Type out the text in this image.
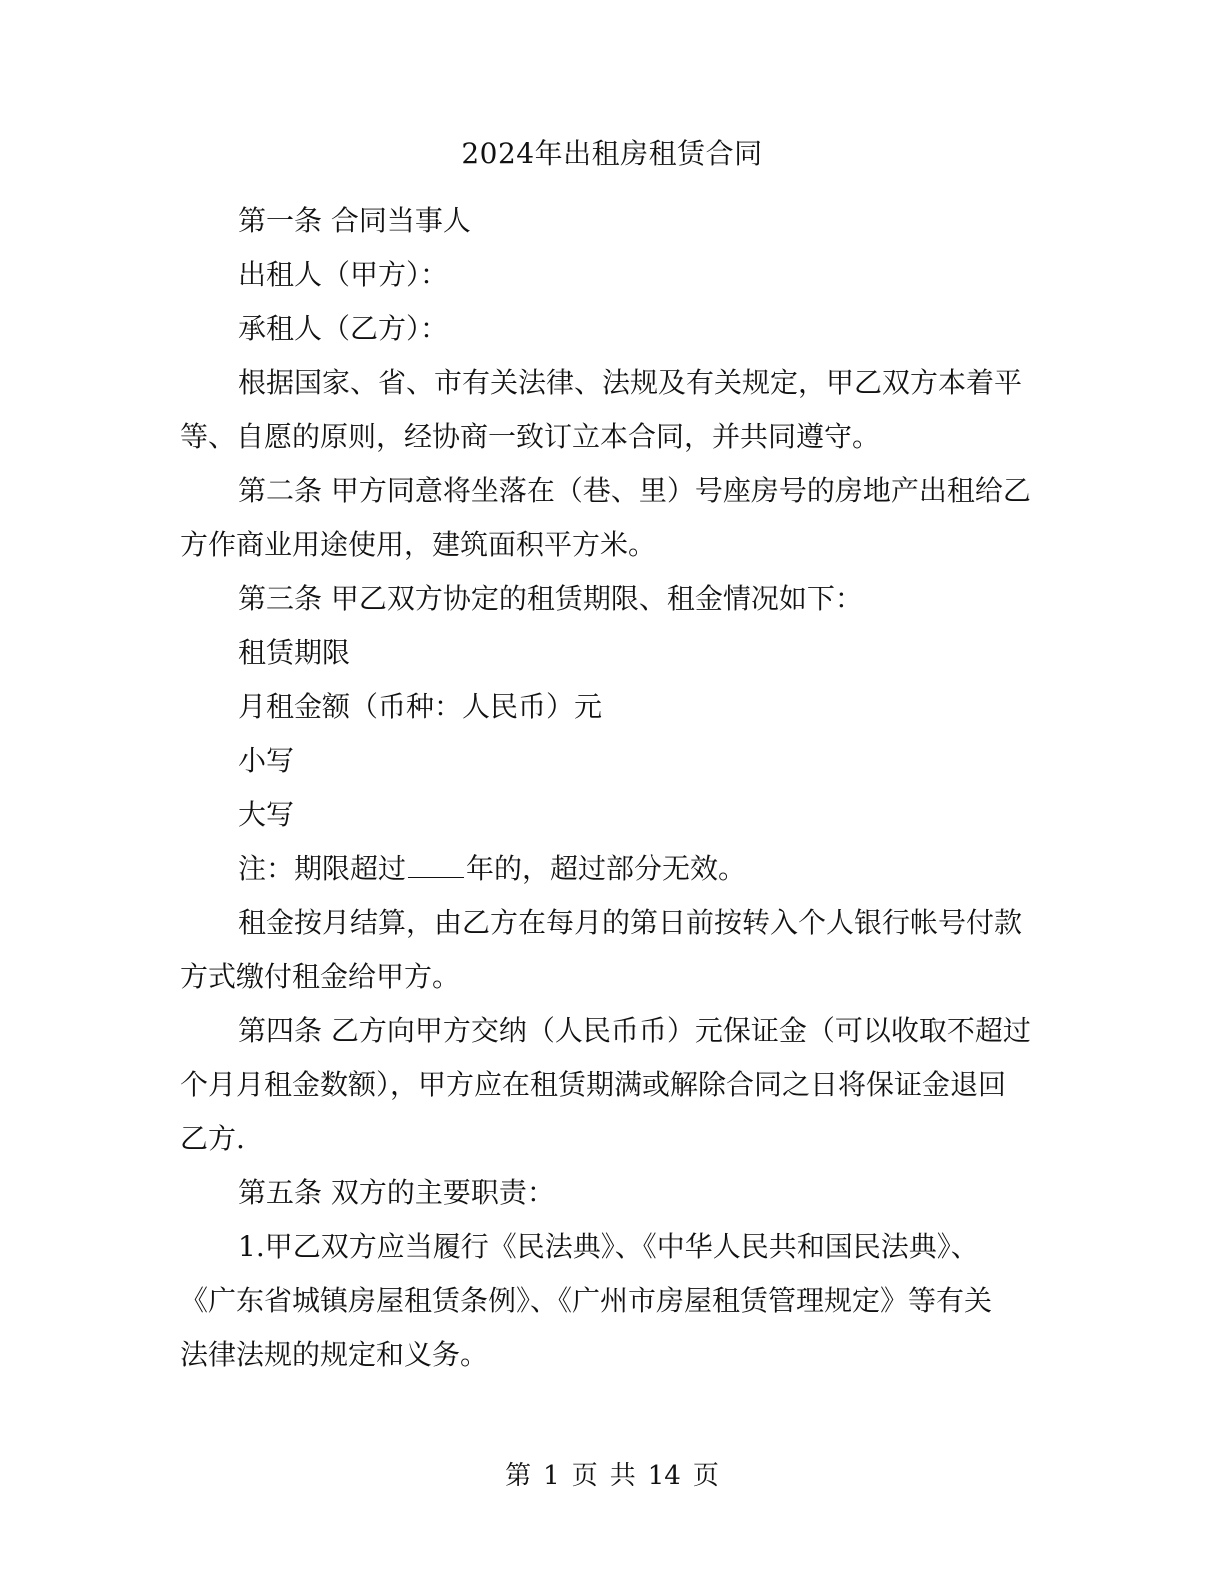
2024年出租房租赁合同

第一条 合同当事人

出租人（甲方）：

承租人（乙方）：

根据国家、省、市有关法律、法规及有关规定，甲乙双方本着平

等、自愿的原则，经协商一致订立本合同，并共同遵守。

第二条 甲方同意将坐落在（巷、里）号座房号的房地产出租给乙

方作商业用途使用，建筑面积平方米。

第三条 甲乙双方协定的租赁期限、租金情况如下：

租赁期限

月租金额（币种：人民币）元

小写

大写

注：期限超过 年的，超过部分无效。

租金按月结算，由乙方在每月的第日前按转入个人银行帐号付款

方式缴付租金给甲方。

第四条 乙方向甲方交纳（人民币币）元保证金（可以收取不超过

个月月租金数额），甲方应在租赁期满或解除合同之日将保证金退回

乙方.

第五条 双方的主要职责：

1.甲乙双方应当履行《民法典》、《中华人民共和国民法典》、

《广东省城镇房屋租赁条例》、《广州市房屋租赁管理规定》等有关

法律法规的规定和义务。

第 1 页 共 14 页
